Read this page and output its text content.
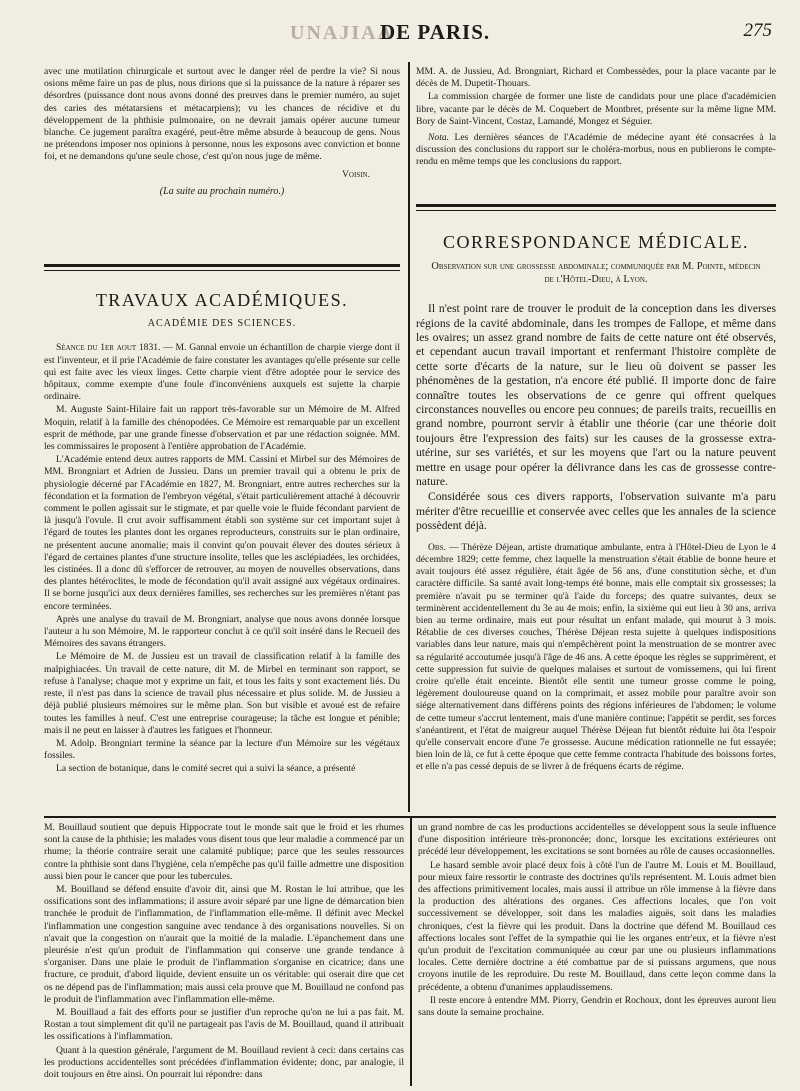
UNAJIAA
DE PARIS.	275

avec une mutilation chirurgicale et surtout avec le danger réel de perdre la vie? Si nous osions même faire un pas de plus, nous dirions que si la puissance de la nature à réparer ses désordres (puissance dont nous avons donné des preuves dans le premier numéro, au sujet des caries des métatarsiens et métacarpiens); vu les chances de récidive et du développement de la phthisie pulmonaire, on ne devrait jamais opérer aucune tumeur blanche. Ce jugement paraîtra exagéré, peut-être même absurde à beaucoup de gens. Nous ne prétendons imposer nos opinions à personne, nous les exposons avec conviction et bonne foi, et ne demandons qu'une seule chose, c'est qu'on nous juge de même.

Voisin.

(La suite au prochain numéro.)

TRAVAUX ACADÉMIQUES.
ACADÉMIE DES SCIENCES.

Séance du 1er aout 1831. — M. Gannal envoie un échantillon de charpie vierge dont il est l'inventeur, et il prie l'Académie de faire constater les avantages qu'elle présente sur celle qui est faite avec les vieux linges. Cette charpie vient d'être adoptée pour le service des hôpitaux, comme exempte d'une foule d'inconvéniens auxquels est sujette la charpie ordinaire.

M. Auguste Saint-Hilaire fait un rapport très-favorable sur un Mémoire de M. Alfred Moquin, relatif à la famille des chénopodées. Ce Mémoire est remarquable par un excellent esprit de méthode, par une grande finesse d'observation et par une rédaction soignée. MM. les commissaires le proposent à l'entière approbation de l'Académie.

L'Académie entend deux autres rapports de MM. Cassini et Mirbel sur des Mémoires de MM. Brongniart et Adrien de Jussieu. Dans un premier travail qui a obtenu le prix de physiologie décerné par l'Académie en 1827, M. Brongniart, entre autres recherches sur la fécondation et la formation de l'embryon végétal, s'était particulièrement attaché à découvrir comment le pollen agissait sur le stigmate, et par quelle voie le fluide fécondant parvient de là jusqu'à l'ovule. Il crut avoir suffisamment établi son système sur cet important sujet à l'égard de toutes les plantes dont les organes reproducteurs, construits sur le plan ordinaire, ne présentent aucune anomalie; mais il convint qu'on pouvait élever des doutes sérieux à l'égard de certaines plantes d'une structure insolite, telles que les asclépiadées, les orchidées, les cistinées. Il a donc dû s'efforcer de retrouver, au moyen de nouvelles observations, dans des plantes hétéroclites, le mode de fécondation qu'il avait assigné aux végétaux ordinaires. Il se borne jusqu'ici aux deux dernières familles, ses recherches sur les premières n'étant pas encore terminées.

Après une analyse du travail de M. Brongniart, analyse que nous avons donnée lorsque l'auteur a lu son Mémoire, M. le rapporteur conclut à ce qu'il soit inséré dans le Recueil des Mémoires des savans étrangers.

Le Mémoire de M. de Jussieu est un travail de classification relatif à la famille des malpighiacées. Un travail de cette nature, dit M. de Mirbel en terminant son rapport, se refuse à l'analyse; chaque mot y exprime un fait, et tous les faits y sont exactement liés. Du reste, il n'est pas dans la science de travail plus nécessaire et plus solide. M. de Jussieu a déjà publié plusieurs mémoires sur le même plan. Son but visible et avoué est de refaire toutes les familles à neuf. C'est une entreprise courageuse; la tâche est longue et pénible; mais il ne peut en laisser à d'autres les fatigues et l'honneur.

M. Adolp. Brongniart termine la séance par la lecture d'un Mémoire sur les végétaux fossiles.

La section de botanique, dans le comité secret qui a suivi la séance, a présenté

MM. A. de Jussieu, Ad. Brongniart, Richard et Combessèdes, pour la place vacante par le décès de M. Dupetit-Thouars.

La commission chargée de former une liste de candidats pour une place d'académicien libre, vacante par le décès de M. Coquebert de Montbret, présente sur la même ligne MM. Bory de Saint-Vincent, Costaz, Lamandé, Mongez et Séguier.

Nota. Les dernières séances de l'Académie de médecine ayant été consacrées à la discussion des conclusions du rapport sur le choléra-morbus, nous en publierons le compte-rendu en même temps que les conclusions du rapport.

CORRESPONDANCE MÉDICALE.
Observation sur une grossesse abdominale; communiquée par M. Pointe, médecin de l'Hôtel-Dieu, à Lyon.

Il n'est point rare de trouver le produit de la conception dans les diverses régions de la cavité abdominale, dans les trompes de Fallope, et même dans les ovaires; un assez grand nombre de faits de cette nature ont été observés, et cependant aucun travail important et renfermant l'histoire complète de cette sorte d'écarts de la nature, sur le lieu où doivent se passer les phénomènes de la gestation, n'a encore été publié. Il importe donc de faire connaître toutes les observations de ce genre qui offrent quelques circonstances nouvelles ou encore peu connues; de pareils traits, recueillis en grand nombre, pourront servir à établir une théorie (car une théorie doit toujours être l'expression des faits) sur les causes de la grossesse extra-utérine, sur ses variétés, et sur les moyens que l'art ou la nature peuvent mettre en usage pour opérer la délivrance dans les cas de grossesse contre-nature.

Considérée sous ces divers rapports, l'observation suivante m'a paru mériter d'être recueillie et conservée avec celles que les annales de la science possèdent déjà.

Obs. — Thérèze Déjean, artiste dramatique ambulante, entra à l'Hôtel-Dieu de Lyon le 4 décembre 1829; cette femme, chez laquelle la menstruation s'était établie de bonne heure et avait toujours été assez régulière, était âgée de 56 ans, d'une constitution sèche, et d'un caractère difficile. Sa santé avait long-temps été bonne, mais elle comptait six grossesses; la première n'avait pu se terminer qu'à l'aide du forceps; des quatre suivantes, deux se terminèrent accidentellement du 3e au 4e mois; enfin, la sixième qui eut lieu à 30 ans, arriva bien au terme ordinaire, mais eut pour résultat un enfant malade, qui mourut à 3 mois. Rétablie de ces diverses couches, Thérèse Déjean resta sujette à quelques indispositions variables dans leur nature, mais qui n'empêchèrent point la menstruation de se montrer avec sa régularité accoutumée jusqu'à l'âge de 46 ans. A cette époque les règles se supprimèrent, et cette suppression fut suivie de quelques malaises et surtout de vomissemens, qui lui firent croire qu'elle était enceinte. Bientôt elle sentit une tumeur grosse comme le poing, légèrement douloureuse quand on la comprimait, et assez mobile pour paraître avoir son siége alternativement dans différens points des régions inférieures de l'abdomen; le volume de cette tumeur s'accrut lentement, mais d'une manière continue; l'appétit se perdit, ses forces s'anéantirent, et l'état de maigreur auquel Thérèse Déjean fut bientôt réduite lui ôta l'espoir qu'elle conservait encore d'une 7e grossesse. Aucune médication rationnelle ne fut essayée; bien loin de là, ce fut à cette époque que cette femme contracta l'habitude des boissons fortes, et elle n'a pas cessé depuis de se livrer à de fréquens écarts de régime.

M. Bouillaud soutient que depuis Hippocrate tout le monde sait que le froid et les rhumes sont la cause de la phthisie; les malades vous disent tous que leur maladie a commencé par un rhume; la théorie contraire serait une calamité publique; parce que les seules ressources contre la phthisie sont dans l'hygiène, cela n'empêche pas qu'il faille admettre une disposition aussi bien pour le cancer que pour les tubercules.

M. Bouillaud se défend ensuite d'avoir dit, ainsi que M. Rostan le lui attribue, que les ossifications sont des inflammations; il assure avoir séparé par une ligne de démarcation bien tranchée le produit de l'inflammation, de l'inflammation elle-même. Il définit avec Meckel l'inflammation une congestion sanguine avec tendance à des organisations nouvelles. Si on n'avait que la congestion on n'aurait que la moitié de la maladie. L'épanchement dans une pleurésie n'est qu'un produit de l'inflammation qui conserve une grande tendance à s'organiser. Dans une plaie le produit de l'inflammation s'organise en cicatrice; dans une fracture, ce produit, d'abord liquide, devient ensuite un os véritable: qui oserait dire que cet os ne dépend pas de l'inflammation; mais aussi cela prouve que M. Bouillaud ne confond pas le produit de l'inflammation avec l'inflammation elle-même.

M. Bouillaud a fait des efforts pour se justifier d'un reproche qu'on ne lui a pas fait. M. Rostan a tout simplement dit qu'il ne partageait pas l'avis de M. Bouillaud, quand il attribuait les ossifications à l'inflammation.

Quant à la question générale, l'argument de M. Bouillaud revient à ceci: dans certains cas les productions accidentelles sont précédées d'inflammation évidente; donc, par analogie, il doit toujours en être ainsi. On pourrait lui répondre: dans

un grand nombre de cas les productions accidentelles se développent sous la seule influence d'une disposition intérieure très-prononcée; donc, lorsque les excitations extérieures ont précédé leur développement, les excitations se sont bornées au rôle de causes occasionnelles.

Le hasard semble avoir placé deux fois à côté l'un de l'autre M. Louis et M. Bouillaud, pour mieux faire ressortir le contraste des doctrines qu'ils représentent. M. Louis admet bien des affections primitivement locales, mais aussi il attribue un rôle immense à la fièvre dans la production des altérations des organes. Ces affections locales, que l'on voit successivement se développer, soit dans les maladies aiguës, soit dans les maladies chroniques, c'est la fièvre qui les produit. Dans la doctrine que défend M. Bouillaud ces affections locales sont l'effet de la sympathie qui lie les organes entr'eux, et la fièvre n'est qu'un produit de l'excitation communiquée au cœur par une ou plusieurs inflammations locales. Cette dernière doctrine a été combattue par de si puissans argumens, que nous croyons inutile de les reproduire. Du reste M. Bouillaud, dans cette leçon comme dans la précédente, a obtenu d'unanimes applaudissemens.

Il reste encore à entendre MM. Piorry, Gendrin et Rochoux, dont les épreuves auront lieu sans doute la semaine prochaine.
